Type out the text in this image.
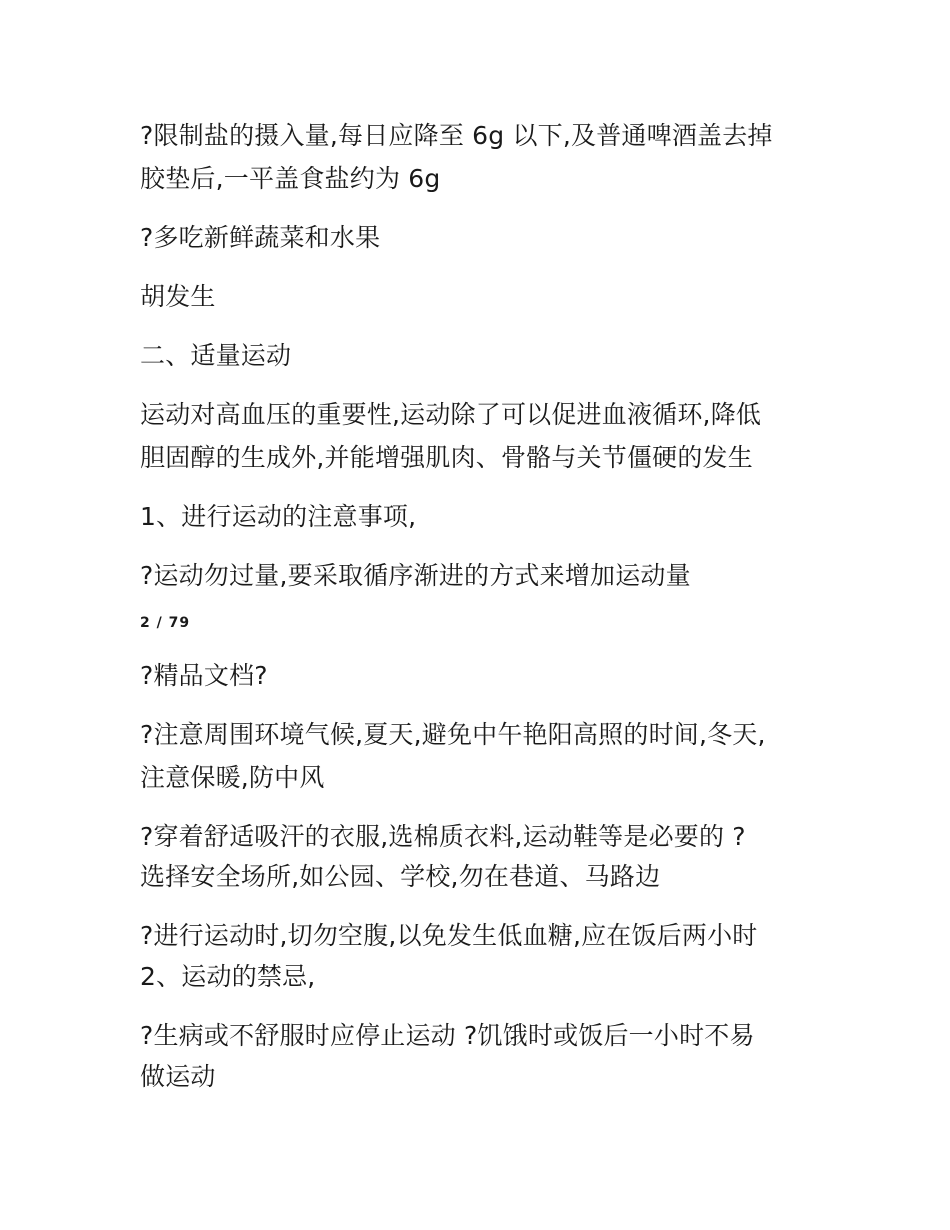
?限制盐的摄入量,每日应降至 6g 以下,及普通啤酒盖去掉
胶垫后,一平盖食盐约为 6g
?多吃新鲜蔬菜和水果
胡发生
二、适量运动
运动对高血压的重要性,运动除了可以促进血液循环,降低
胆固醇的生成外,并能增强肌肉、骨骼与关节僵硬的发生
1、进行运动的注意事项,
?运动勿过量,要采取循序渐进的方式来增加运动量
2 / 79
?精品文档?
?注意周围环境气候,夏天,避免中午艳阳高照的时间,冬天,
注意保暖,防中风
?穿着舒适吸汗的衣服,选棉质衣料,运动鞋等是必要的 ?
选择安全场所,如公园、学校,勿在巷道、马路边
?进行运动时,切勿空腹,以免发生低血糖,应在饭后两小时
2、运动的禁忌,
?生病或不舒服时应停止运动 ?饥饿时或饭后一小时不易
做运动
